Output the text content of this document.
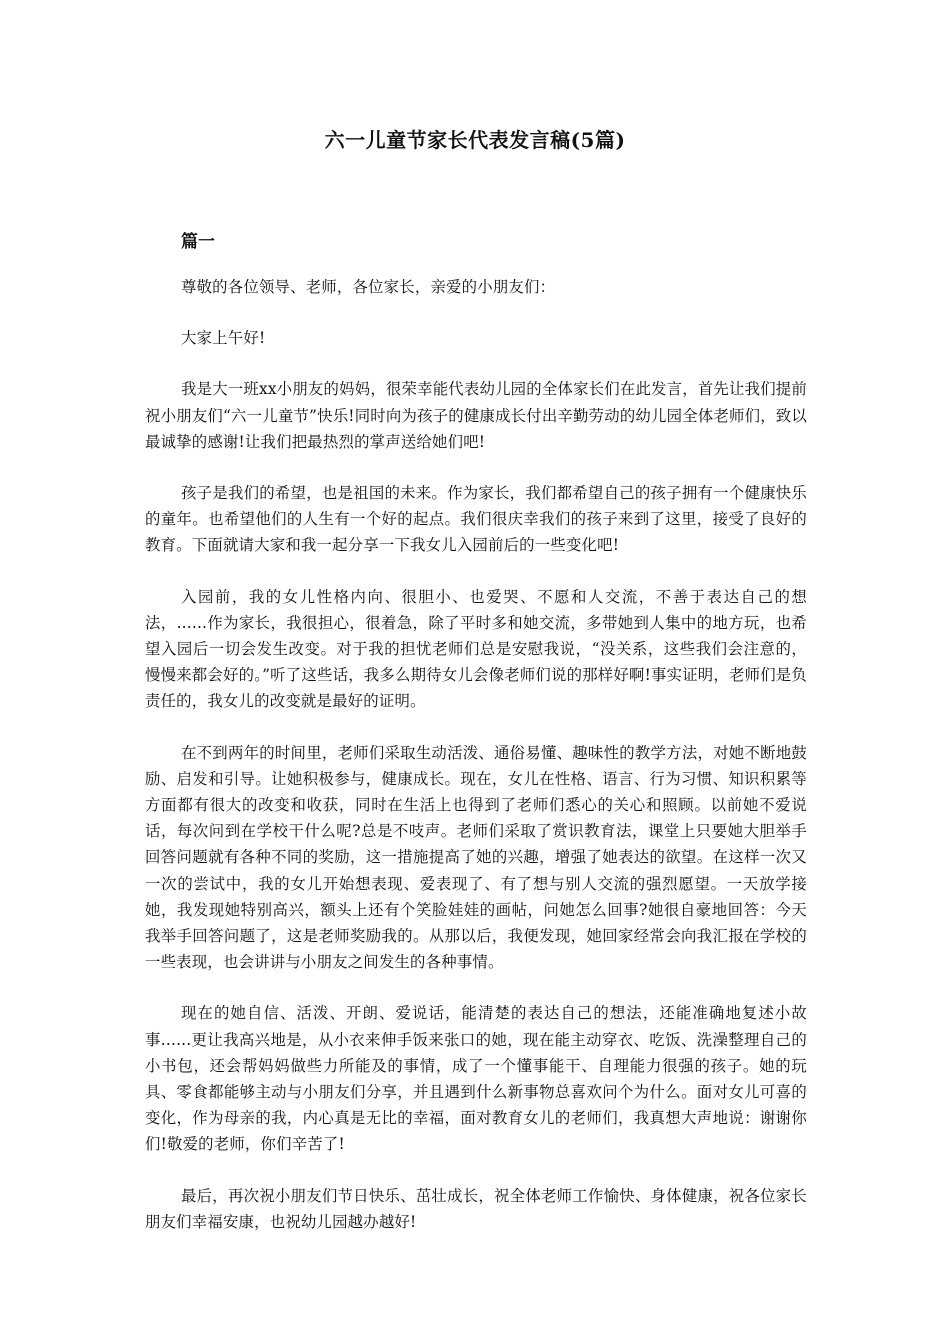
六一儿童节家长代表发言稿(5篇)
篇一

尊敬的各位领导、老师，各位家长，亲爱的小朋友们：

大家上午好!

我是大一班xx小朋友的妈妈，很荣幸能代表幼儿园的全体家长们在此发言，首先让我们提前祝小朋友们“六一儿童节”快乐!同时向为孩子的健康成长付出辛勤劳动的幼儿园全体老师们，致以最诚挚的感谢!让我们把最热烈的掌声送给她们吧!

孩子是我们的希望，也是祖国的未来。作为家长，我们都希望自己的孩子拥有一个健康快乐的童年。也希望他们的人生有一个好的起点。我们很庆幸我们的孩子来到了这里，接受了良好的教育。下面就请大家和我一起分享一下我女儿入园前后的一些变化吧!

入园前，我的女儿性格内向、很胆小、也爱哭、不愿和人交流，不善于表达自己的想法，......作为家长，我很担心，很着急，除了平时多和她交流，多带她到人集中的地方玩，也希望入园后一切会发生改变。对于我的担忧老师们总是安慰我说，“没关系，这些我们会注意的，慢慢来都会好的。”听了这些话，我多么期待女儿会像老师们说的那样好啊!事实证明，老师们是负责任的，我女儿的改变就是最好的证明。

在不到两年的时间里，老师们采取生动活泼、通俗易懂、趣味性的教学方法，对她不断地鼓励、启发和引导。让她积极参与，健康成长。现在，女儿在性格、语言、行为习惯、知识积累等方面都有很大的改变和收获，同时在生活上也得到了老师们悉心的关心和照顾。以前她不爱说话，每次问到在学校干什么呢?总是不吱声。老师们采取了赏识教育法，课堂上只要她大胆举手回答问题就有各种不同的奖励，这一措施提高了她的兴趣，增强了她表达的欲望。在这样一次又一次的尝试中，我的女儿开始想表现、爱表现了、有了想与别人交流的强烈愿望。一天放学接她，我发现她特别高兴，额头上还有个笑脸娃娃的画帖，问她怎么回事?她很自豪地回答：今天我举手回答问题了，这是老师奖励我的。从那以后，我便发现，她回家经常会向我汇报在学校的一些表现，也会讲讲与小朋友之间发生的各种事情。

现在的她自信、活泼、开朗、爱说话，能清楚的表达自己的想法，还能准确地复述小故事......更让我高兴地是，从小衣来伸手饭来张口的她，现在能主动穿衣、吃饭、洗澡整理自己的小书包，还会帮妈妈做些力所能及的事情，成了一个懂事能干、自理能力很强的孩子。她的玩具、零食都能够主动与小朋友们分享，并且遇到什么新事物总喜欢问个为什么。面对女儿可喜的变化，作为母亲的我，内心真是无比的幸福，面对教育女儿的老师们，我真想大声地说：谢谢你们!敬爱的老师，你们辛苦了!

最后，再次祝小朋友们节日快乐、茁壮成长，祝全体老师工作愉快、身体健康，祝各位家长朋友们幸福安康，也祝幼儿园越办越好!
